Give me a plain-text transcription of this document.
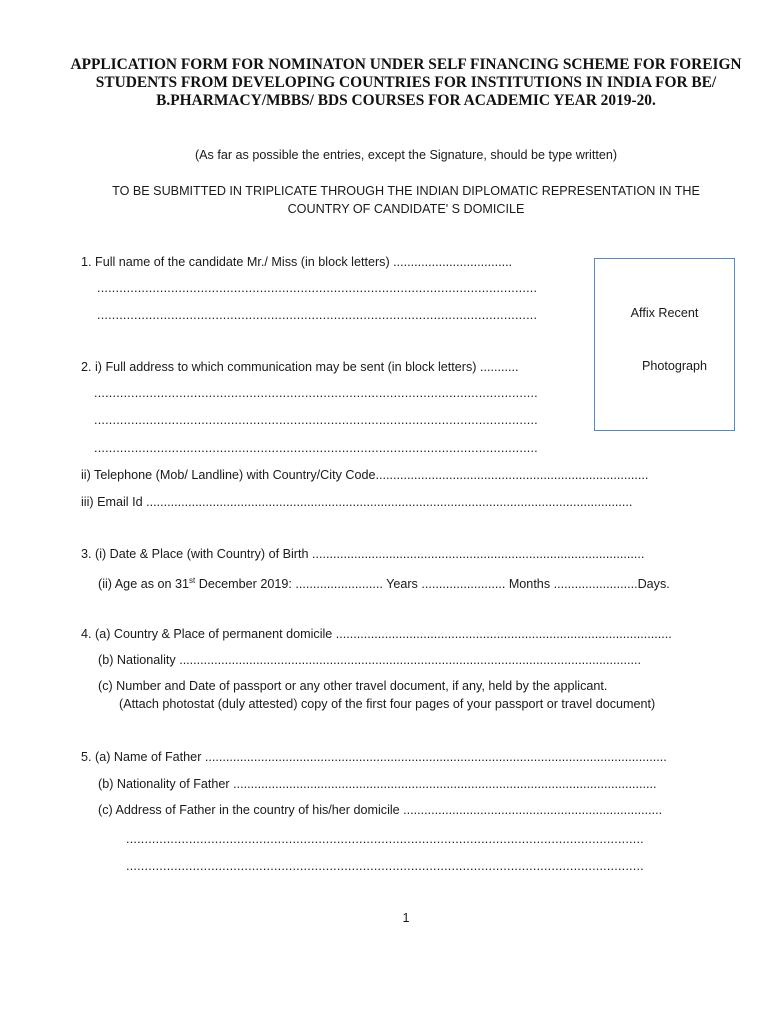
APPLICATION FORM FOR NOMINATON UNDER SELF FINANCING SCHEME FOR FOREIGN STUDENTS FROM DEVELOPING COUNTRIES FOR INSTITUTIONS IN INDIA FOR BE/ B.PHARMACY/MBBS/ BDS COURSES FOR ACADEMIC YEAR 2019-20.

(As far as possible the entries, except the Signature, should be type written)

TO BE SUBMITTED IN TRIPLICATE THROUGH THE INDIAN DIPLOMATIC REPRESENTATION IN THE

COUNTRY OF CANDIDATE' S DOMICILE

Affix Recent
Photograph

1. Full name of the candidate Mr./ Miss (in block letters) ..................................

.......................................................................................................................

.......................................................................................................................

2. i) Full address to which communication may be sent (in block letters) ...........

........................................................................................................................

........................................................................................................................

........................................................................................................................

ii) Telephone (Mob/ Landline) with Country/City Code..............................................................................

iii) Email Id ...........................................................................................................................................

3. (i) Date & Place (with Country) of Birth ...............................................................................................

(ii) Age as on 31st December 2019: ......................... Years ........................ Months ........................Days.

4. (a) Country & Place of permanent domicile ................................................................................................

(b) Nationality ....................................................................................................................................

(c) Number and Date of passport or any other travel document, if any, held by the applicant.

(Attach photostat (duly attested) copy of the first four pages of your passport or travel document)

5. (a) Name of Father ....................................................................................................................................

(b) Nationality of Father .........................................................................................................................

(c) Address of Father in the country of his/her domicile ..........................................................................

............................................................................................................................................

............................................................................................................................................

1
